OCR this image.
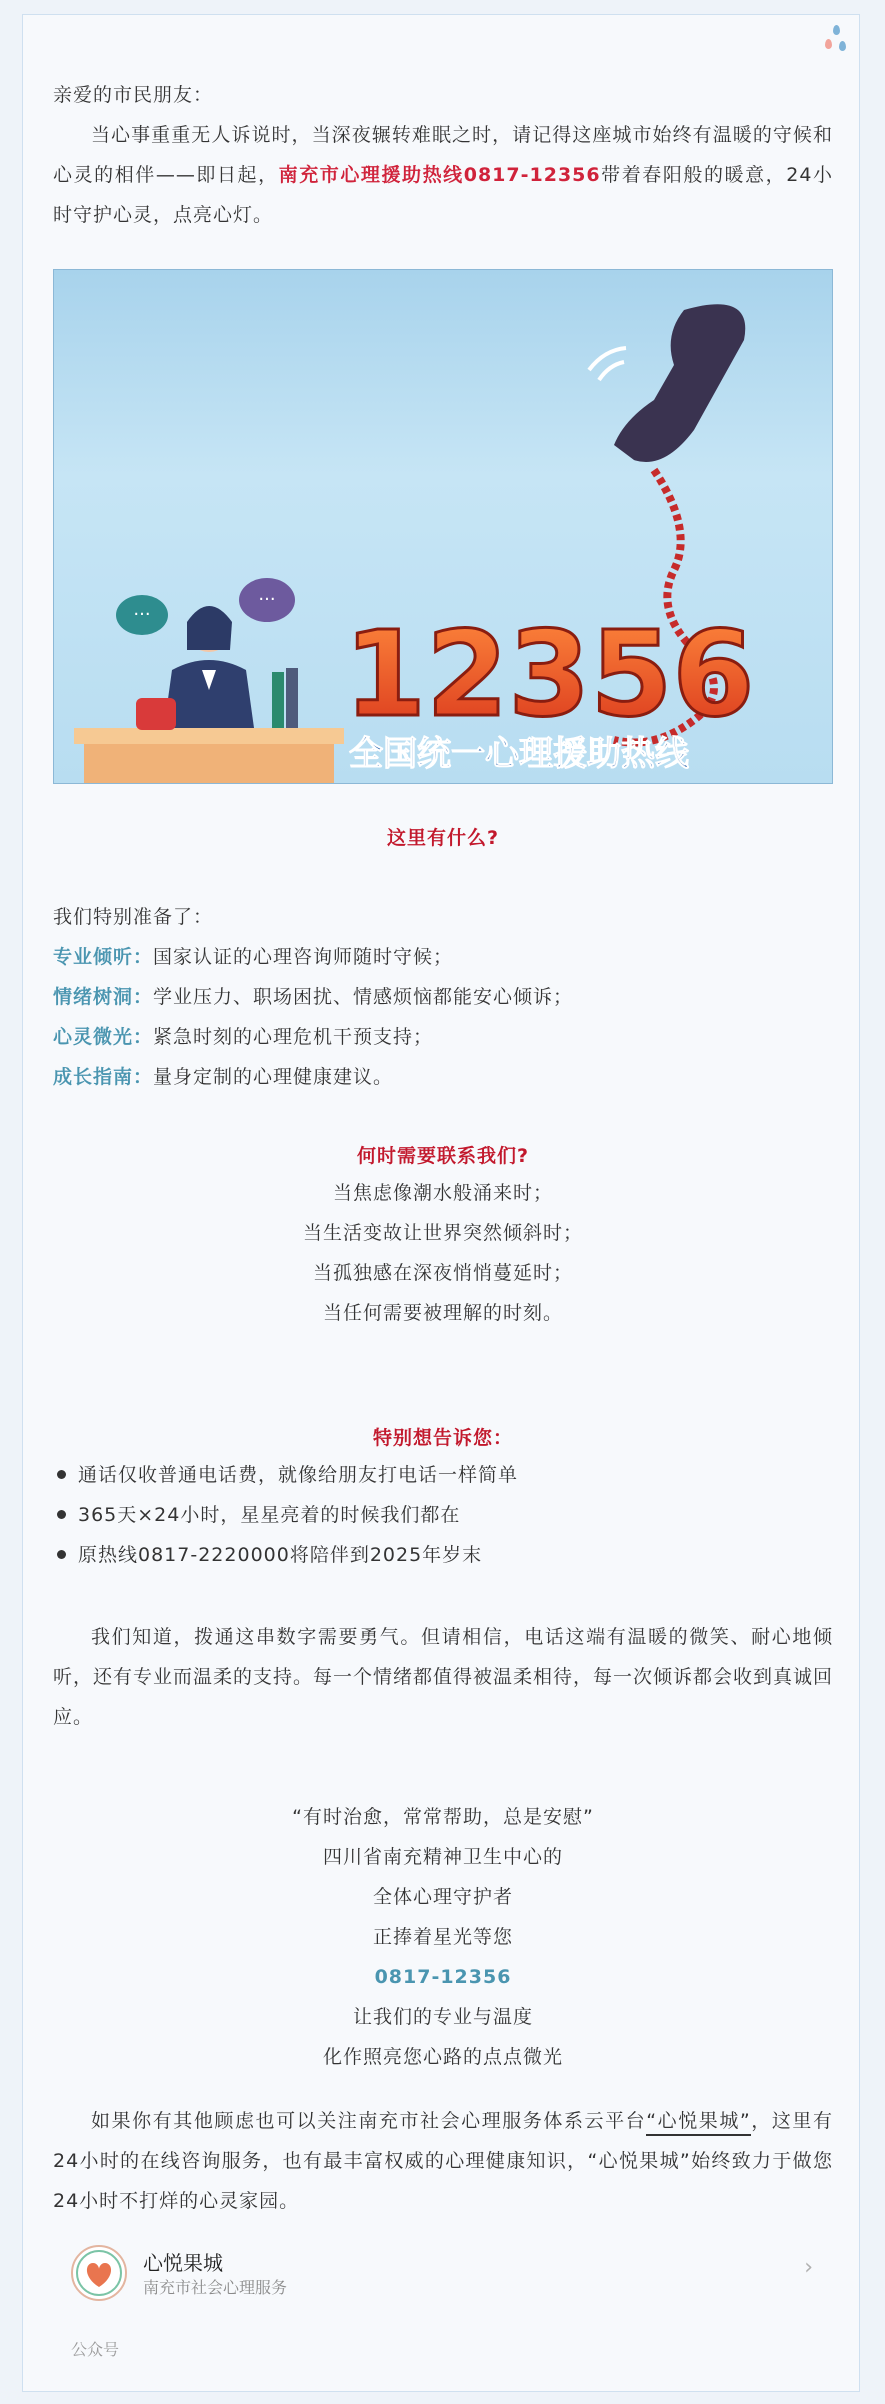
亲爱的市民朋友：

当心事重重无人诉说时，当深夜辗转难眠之时，请记得这座城市始终有温暖的守候和心灵的相伴——即日起，南充市心理援助热线0817-12356带着春阳般的暖意，24小时守护心灵，点亮心灯。

···
···
12356
全国统一心理援助热线

这里有什么?

我们特别准备了：

专业倾听：国家认证的心理咨询师随时守候；

情绪树洞：学业压力、职场困扰、情感烦恼都能安心倾诉；

心灵微光：紧急时刻的心理危机干预支持；

成长指南：量身定制的心理健康建议。

何时需要联系我们?

当焦虑像潮水般涌来时；

当生活变故让世界突然倾斜时；

当孤独感在深夜悄悄蔓延时；

当任何需要被理解的时刻。

特别想告诉您：

通话仅收普通电话费，就像给朋友打电话一样简单

365天×24小时，星星亮着的时候我们都在

原热线0817-2220000将陪伴到2025年岁末

我们知道，拨通这串数字需要勇气。但请相信，电话这端有温暖的微笑、耐心地倾听，还有专业而温柔的支持。每一个情绪都值得被温柔相待，每一次倾诉都会收到真诚回应。

“有时治愈，常常帮助，总是安慰”

四川省南充精神卫生中心的

全体心理守护者

正捧着星光等您

0817-12356

让我们的专业与温度

化作照亮您心路的点点微光

如果你有其他顾虑也可以关注南充市社会心理服务体系云平台“心悦果城”，这里有24小时的在线咨询服务，也有最丰富权威的心理健康知识，“心悦果城”始终致力于做您24小时不打烊的心灵家园。

心悦果城
南充市社会心理服务
›
公众号
